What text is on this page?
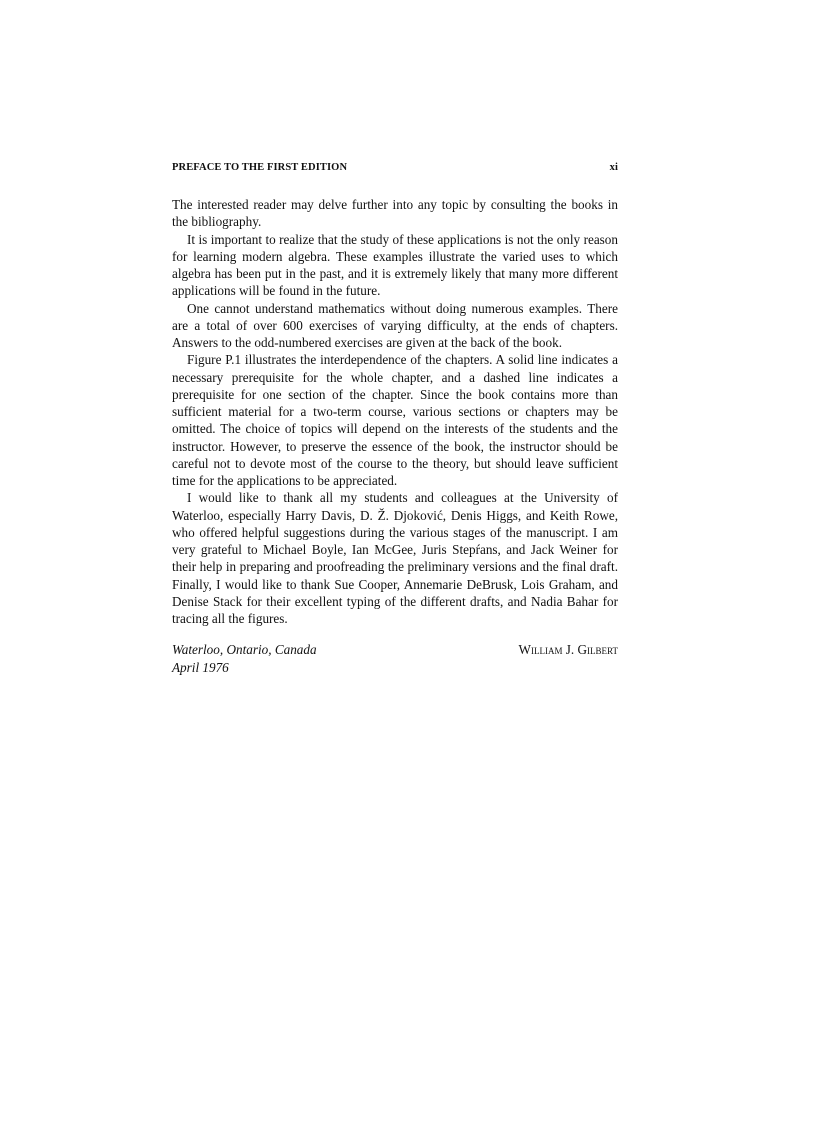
PREFACE TO THE FIRST EDITION	xi

The interested reader may delve further into any topic by consulting the books in the bibliography.

It is important to realize that the study of these applications is not the only reason for learning modern algebra. These examples illustrate the varied uses to which algebra has been put in the past, and it is extremely likely that many more different applications will be found in the future.

One cannot understand mathematics without doing numerous examples. There are a total of over 600 exercises of varying difficulty, at the ends of chapters. Answers to the odd-numbered exercises are given at the back of the book.

Figure P.1 illustrates the interdependence of the chapters. A solid line indicates a necessary prerequisite for the whole chapter, and a dashed line indicates a prerequisite for one section of the chapter. Since the book contains more than sufficient material for a two-term course, various sections or chapters may be omitted. The choice of topics will depend on the interests of the students and the instructor. However, to preserve the essence of the book, the instructor should be careful not to devote most of the course to the theory, but should leave sufficient time for the applications to be appreciated.

I would like to thank all my students and colleagues at the University of Waterloo, especially Harry Davis, D. Ž. Djoković, Denis Higgs, and Keith Rowe, who offered helpful suggestions during the various stages of the manuscript. I am very grateful to Michael Boyle, Ian McGee, Juris Stepŕans, and Jack Weiner for their help in preparing and proofreading the preliminary versions and the final draft. Finally, I would like to thank Sue Cooper, Annemarie DeBrusk, Lois Graham, and Denise Stack for their excellent typing of the different drafts, and Nadia Bahar for tracing all the figures.

Waterloo, Ontario, Canada
April 1976
William J. Gilbert
